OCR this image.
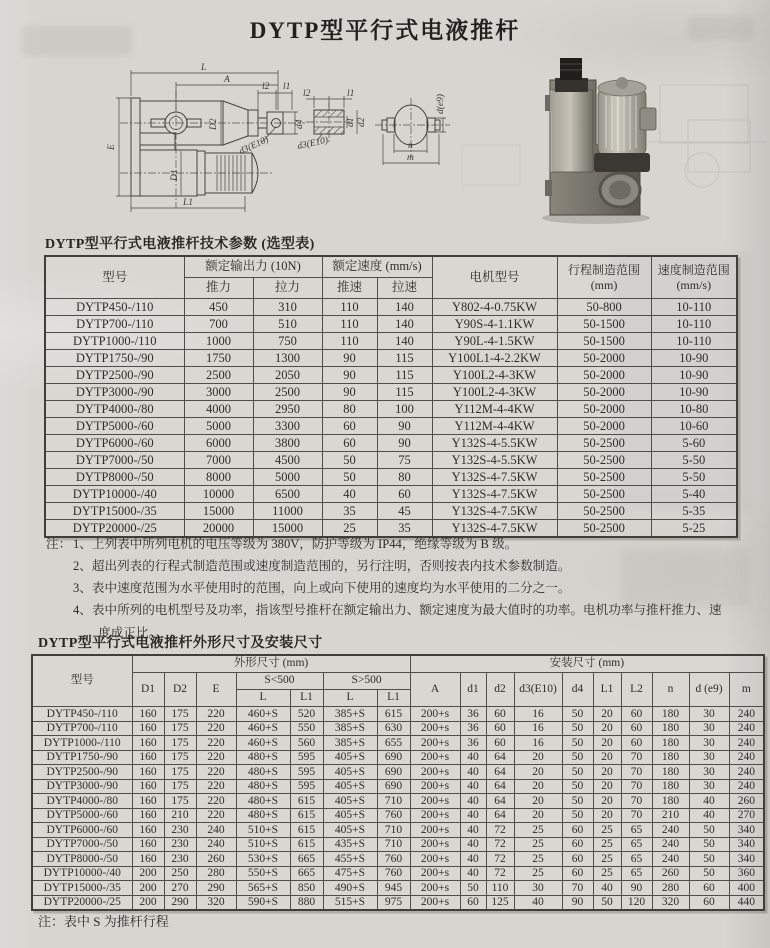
DYTP型平行式电液推杆
L
A
l2 l1
D2	d4
E
D1
L1
d3(E10)
l2	l1
d1 d2
d3(E10)
d(e9)
n
m
DYTP型平行式电液推杆技术参数 (选型表)
型号	额定输出力 (10N)		额定速度 (mm/s)		电机型号	行程制造范围
(mm)	速度制造范围
(mm/s)

	推力	拉力	推速	拉速			
DYTP450-/110	450	310	110	140	Y802-4-0.75KW	50-800	10-110
DYTP700-/110	700	510	110	140	Y90S-4-1.1KW	50-1500	10-110
DYTP1000-/110	1000	750	110	140	Y90L-4-1.5KW	50-1500	10-110
DYTP1750-/90	1750	1300	90	115	Y100L1-4-2.2KW	50-2000	10-90
DYTP2500-/90	2500	2050	90	115	Y100L2-4-3KW	50-2000	10-90
DYTP3000-/90	3000	2500	90	115	Y100L2-4-3KW	50-2000	10-90
DYTP4000-/80	4000	2950	80	100	Y112M-4-4KW	50-2000	10-80
DYTP5000-/60	5000	3300	60	90	Y112M-4-4KW	50-2000	10-60
DYTP6000-/60	6000	3800	60	90	Y132S-4-5.5KW	50-2500	5-60
DYTP7000-/50	7000	4500	50	75	Y132S-4-5.5KW	50-2500	5-50
DYTP8000-/50	8000	5000	50	80	Y132S-4-7.5KW	50-2500	5-50
DYTP10000-/40	10000	6500	40	60	Y132S-4-7.5KW	50-2500	5-40
DYTP15000-/35	15000	11000	35	45	Y132S-4-7.5KW	50-2500	5-35
DYTP20000-/25	20000	15000	25	35	Y132S-4-7.5KW	50-2500	5-25
注： 1、上列表中所列电机的电压等级为 380V，防护等级为 IP44，绝缘等级为 B 级。
2、超出列表的行程式制造范围或速度制造范围的，另行注明，否则按表内技术参数制造。
3、表中速度范围为水平使用时的范围，向上或向下使用的速度均为水平使用的二分之一。
4、表中所列的电机型号及功率，指该型号推杆在额定输出力、额定速度为最大值时的功率。电机功率与推杆推力、速度成正比。
DYTP型平行式电液推杆外形尺寸及安装尺寸
型号	外形尺寸 (mm)							安装尺寸 (mm)									
	D1	D2	E	S<500		S>500		A	d1	d2	d3(E10)	d4	L1	L2	n	d (e9)	m
				L	L1	L	L1										
DYTP450-/110	160	175	220	460+S	520	385+S	615	200+s	36	60	16	50	20	60	180	30	240
DYTP700-/110	160	175	220	460+S	550	385+S	630	200+s	36	60	16	50	20	60	180	30	240
DYTP1000-/110	160	175	220	460+S	560	385+S	655	200+s	36	60	16	50	20	60	180	30	240
DYTP1750-/90	160	175	220	480+S	595	405+S	690	200+s	40	64	20	50	20	70	180	30	240
DYTP2500-/90	160	175	220	480+S	595	405+S	690	200+s	40	64	20	50	20	70	180	30	240
DYTP3000-/90	160	175	220	480+S	595	405+S	690	200+s	40	64	20	50	20	70	180	30	240
DYTP4000-/80	160	175	220	480+S	615	405+S	710	200+s	40	64	20	50	20	70	180	40	260
DYTP5000-/60	160	210	220	480+S	615	405+S	760	200+s	40	64	20	50	20	70	210	40	270
DYTP6000-/60	160	230	240	510+S	615	405+S	710	200+s	40	72	25	60	25	65	240	50	340
DYTP7000-/50	160	230	240	510+S	615	435+S	710	200+s	40	72	25	60	25	65	240	50	340
DYTP8000-/50	160	230	260	530+S	665	455+S	760	200+s	40	72	25	60	25	65	240	50	340
DYTP10000-/40	200	250	280	550+S	665	475+S	760	200+s	40	72	25	60	25	65	260	50	360
DYTP15000-/35	200	270	290	565+S	850	490+S	945	200+s	50	110	30	70	40	90	280	60	400
DYTP20000-/25	200	290	320	590+S	880	515+S	975	200+s	60	125	40	90	50	120	320	60	440
注：表中 S 为推杆行程
